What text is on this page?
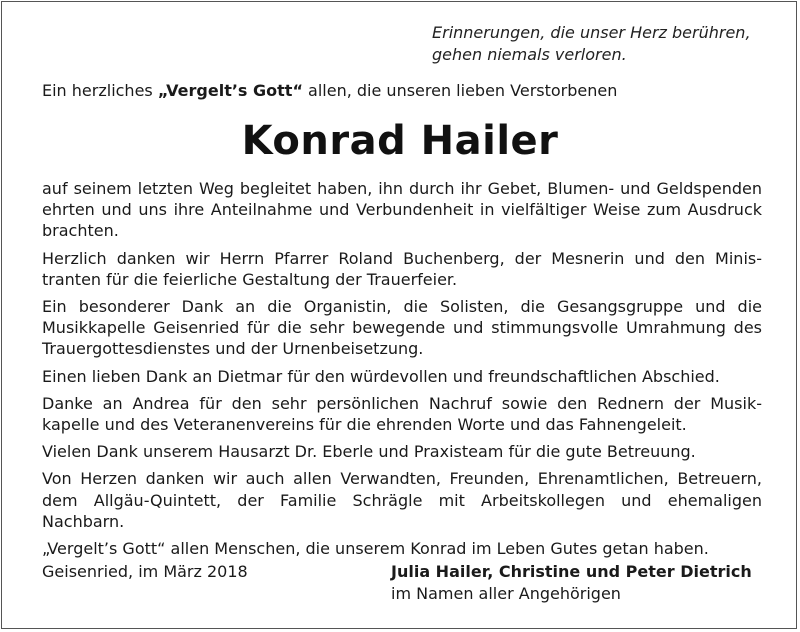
Erinnerungen, die unser Herz berühren,
gehen niemals verloren.
Ein herzliches „Vergelt’s Gott“ allen, die unseren lieben Verstorbenen
Konrad Hailer
auf seinem letzten Weg begleitet haben, ihn durch ihr Gebet, Blumen- und Geldspenden
ehrten und uns ihre Anteilnahme und Verbundenheit in vielfältiger Weise zum Ausdruck
brachten.
Herzlich danken wir Herrn Pfarrer Roland Buchenberg, der Mesnerin und den Minis-
tranten für die feierliche Gestaltung der Trauerfeier.
Ein besonderer Dank an die Organistin, die Solisten, die Gesangsgruppe und die
Musikkapelle Geisenried für die sehr bewegende und stimmungsvolle Umrahmung des
Trauergottesdienstes und der Urnenbeisetzung.
Einen lieben Dank an Dietmar für den würdevollen und freundschaftlichen Abschied.
Danke an Andrea für den sehr persönlichen Nachruf sowie den Rednern der Musik-
kapelle und des Veteranenvereins für die ehrenden Worte und das Fahnengeleit.
Vielen Dank unserem Hausarzt Dr. Eberle und Praxisteam für die gute Betreuung.
Von Herzen danken wir auch allen Verwandten, Freunden, Ehrenamtlichen, Betreuern,
dem Allgäu-Quintett, der Familie Schrägle mit Arbeitskollegen und ehemaligen
Nachbarn.
„Vergelt’s Gott“ allen Menschen, die unserem Konrad im Leben Gutes getan haben.
Geisenried, im März 2018	Julia Hailer, Christine und Peter Dietrich
im Namen aller Angehörigen
